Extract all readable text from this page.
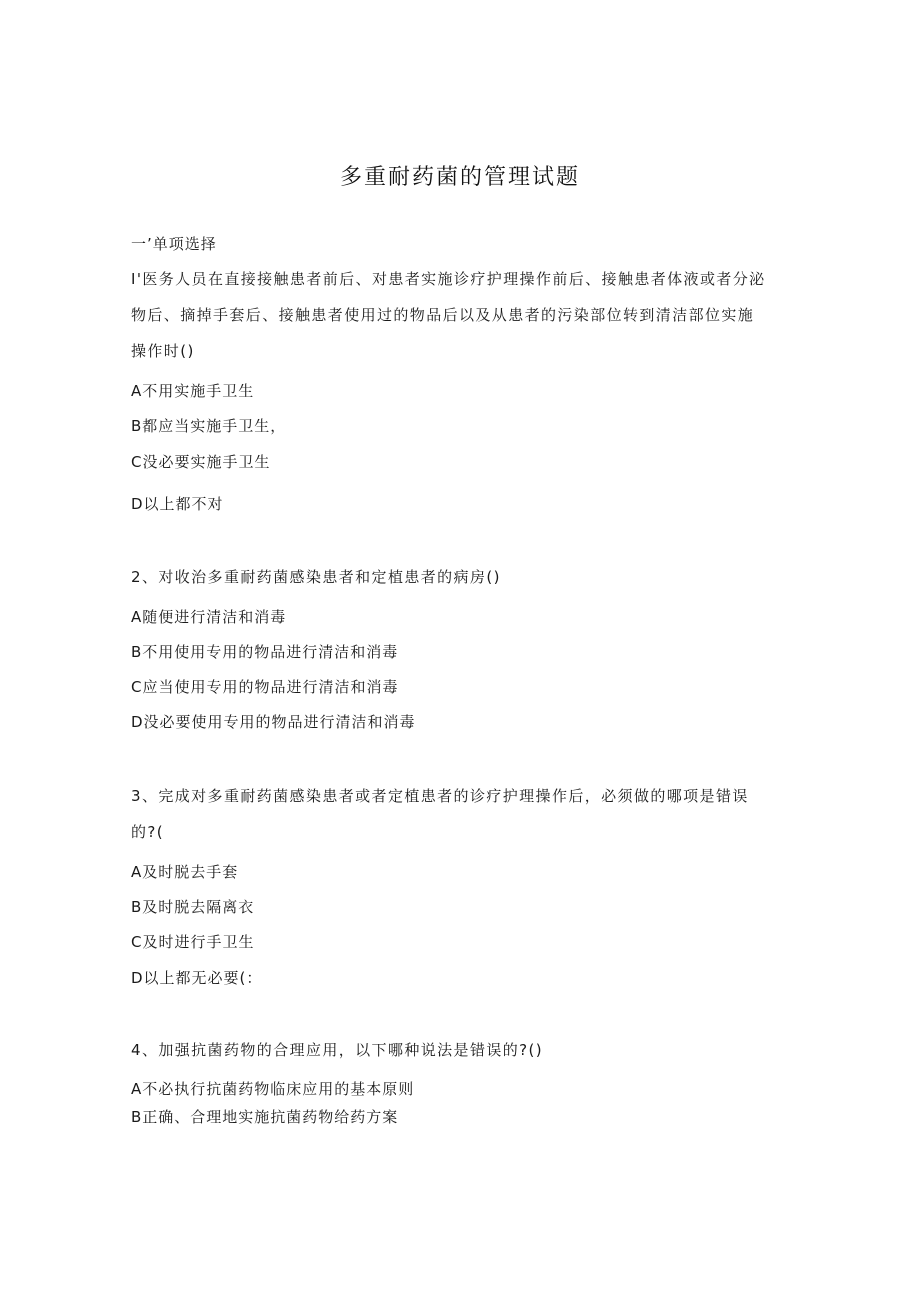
多重耐药菌的管理试题
一’单项选择
I'医务人员在直接接触患者前后、对患者实施诊疗护理操作前后、接触患者体液或者分泌
物后、摘掉手套后、接触患者使用过的物品后以及从患者的污染部位转到清洁部位实施
操作时()
A不用实施手卫生
B都应当实施手卫生，
C没必要实施手卫生
D以上都不对
2、对收治多重耐药菌感染患者和定植患者的病房()
A随便进行清洁和消毒
B不用使用专用的物品进行清洁和消毒
C应当使用专用的物品进行清洁和消毒
D没必要使用专用的物品进行清洁和消毒
3、完成对多重耐药菌感染患者或者定植患者的诊疗护理操作后，必须做的哪项是错误
的?(
A及时脱去手套
B及时脱去隔离衣
C及时进行手卫生
D以上都无必要(：
4、加强抗菌药物的合理应用，以下哪种说法是错误的?()
A不必执行抗菌药物临床应用的基本原则
B正确、合理地实施抗菌药物给药方案
